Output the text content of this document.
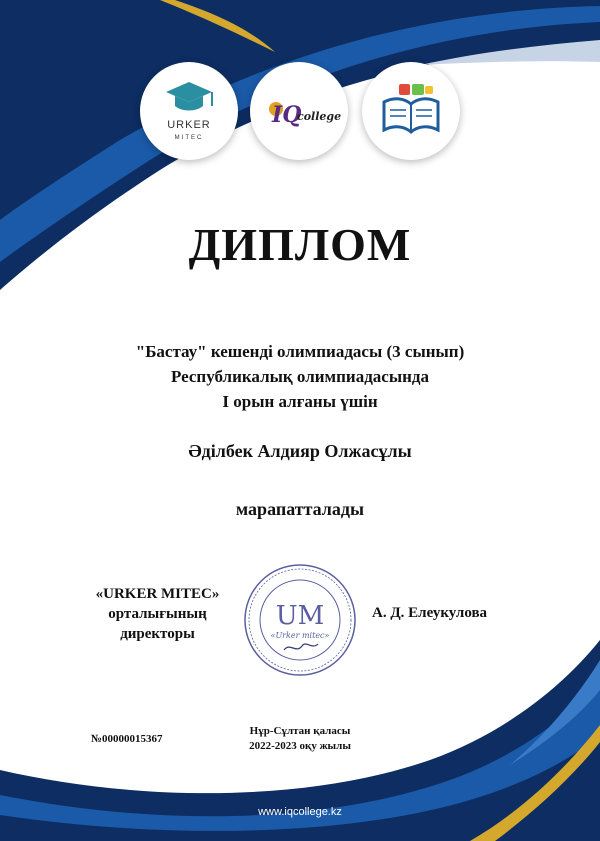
URKER
MITEC
IQ
college
ДИПЛОМ
"Бастау" кешенді олимпиадасы (3 сынып)
Республикалық олимпиадасында
I орын алғаны үшін
Әділбек Алдияр Олжасұлы
марапатталады
«URKER MITEC»
орталығының
директоры
UM
«Urker mitec»
А. Д. Елеукулова
№00000015367
Нұр-Сұлтан қаласы
2022-2023 оқу жылы
www.iqcollege.kz
